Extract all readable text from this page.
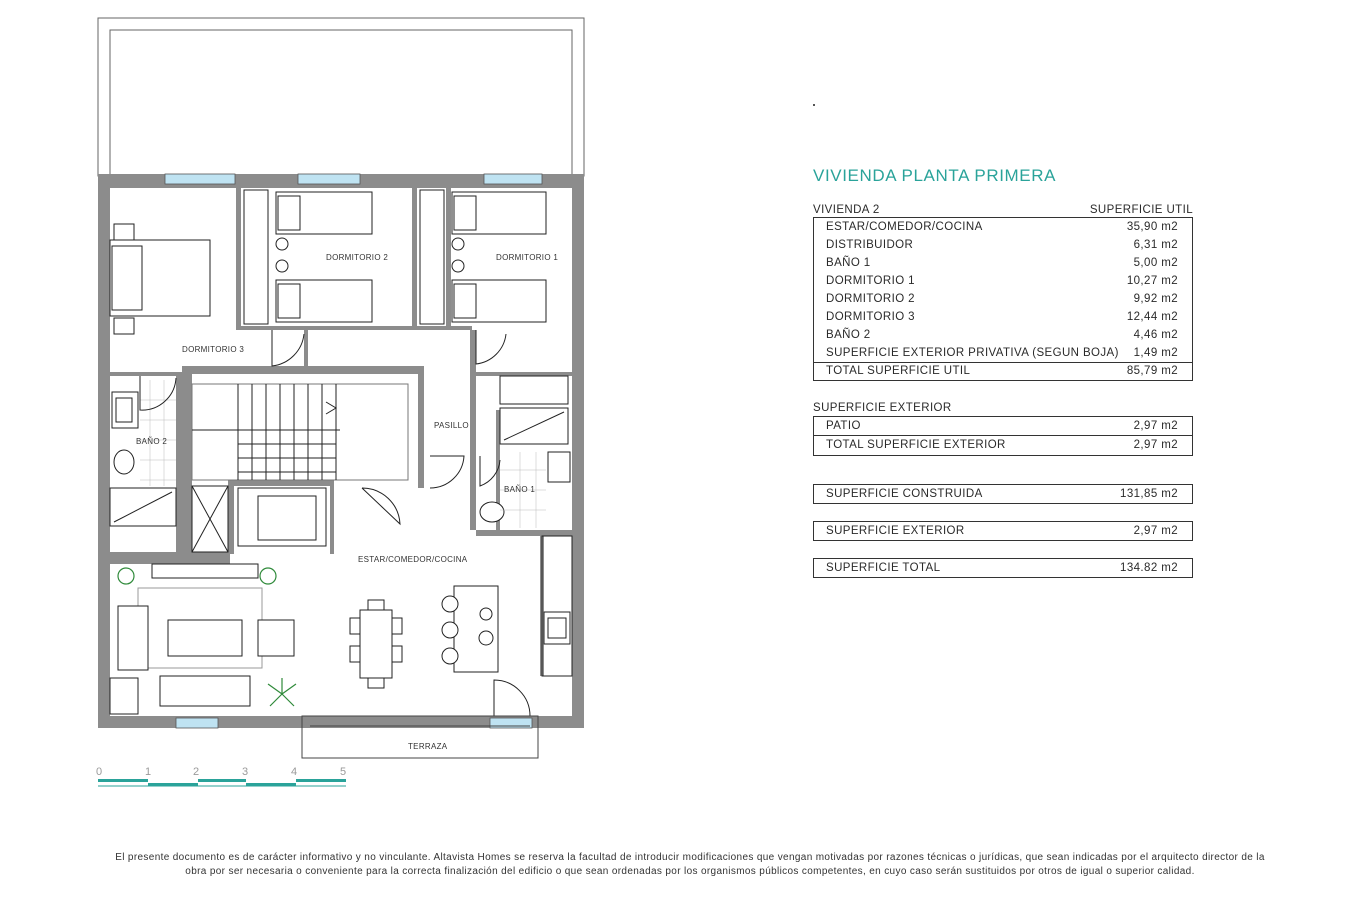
DORMITORIO 2	DORMITORIO 1
DORMITORIO 3
PASILLO
BAÑO 2
BAÑO 1
ESTAR/COMEDOR/COCINA
TERRAZA
0	1	2	3	4	5
VIVIENDA PLANTA PRIMERA
VIVIENDA 2	SUPERFICIE UTIL
ESTAR/COMEDOR/COCINA	35,90 m2
DISTRIBUIDOR	6,31 m2
BAÑO 1	5,00 m2
DORMITORIO 1	10,27 m2
DORMITORIO 2	9,92 m2
DORMITORIO 3	12,44 m2
BAÑO 2	4,46 m2
SUPERFICIE EXTERIOR PRIVATIVA (SEGUN BOJA) 1,49 m2
TOTAL SUPERFICIE UTIL	85,79 m2
SUPERFICIE EXTERIOR
PATIO	2,97 m2
TOTAL SUPERFICIE EXTERIOR	2,97 m2
SUPERFICIE CONSTRUIDA	131,85 m2
SUPERFICIE EXTERIOR	2,97 m2
SUPERFICIE TOTAL	134.82 m2
El presente documento es de carácter informativo y no vinculante. Altavista Homes se reserva la facultad de introducir modificaciones que vengan motivadas por razones técnicas o jurídicas, que sean indicadas por el arquitecto director de la
obra por ser necesaria o conveniente para la correcta finalización del edificio o que sean ordenadas por los organismos públicos competentes, en cuyo caso serán sustituidos por otros de igual o superior calidad.
